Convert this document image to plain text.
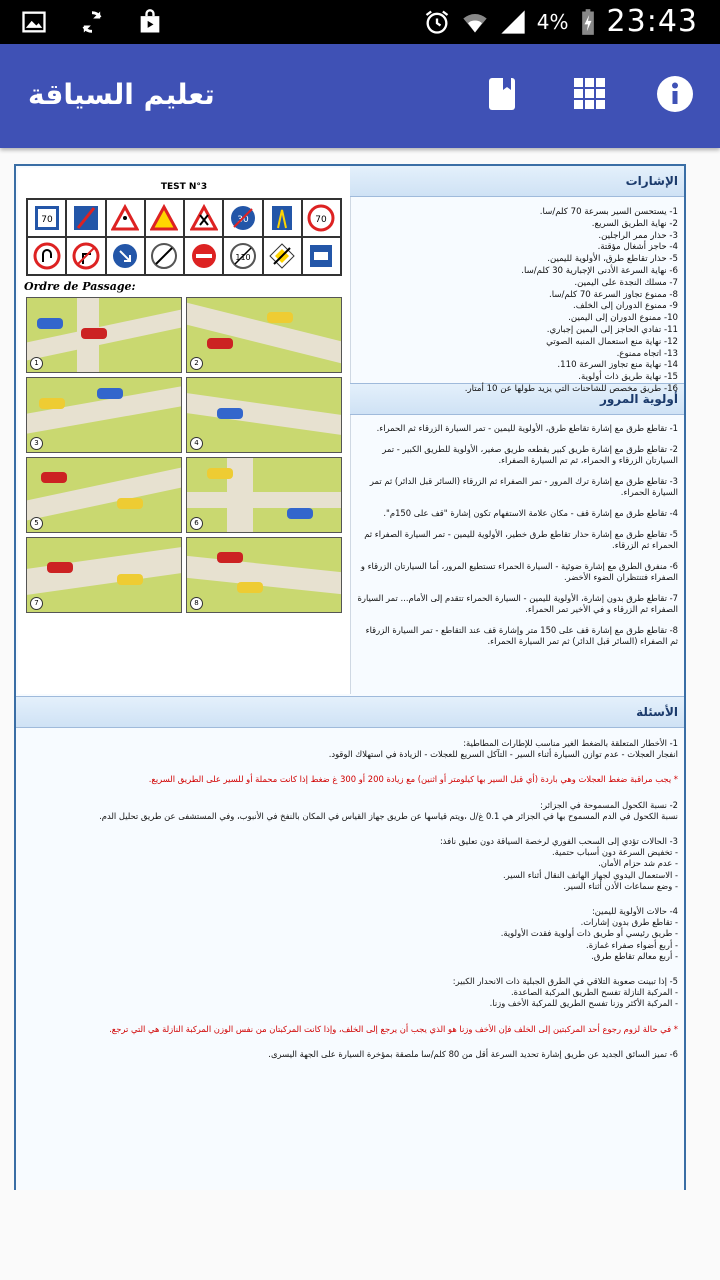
4% 23:43
تعليم السياقة
TEST N°3
70	30	70
110
Ordre de Passage:
1	2
3	4
5	6
7	8
الإشارات
1- يستحسن السير بسرعة 70 كلم/سا.
2- نهاية الطريق السريع.
3- حذار ممر الراجلين.
4- حاجز أشغال مؤقتة.
5- حذار تقاطع طرق، الأولوية لليمين.
6- نهاية السرعة الأدنى الإجبارية 30 كلم/سا.
7- مسلك النجدة على اليمين.
8- ممنوع تجاوز السرعة 70 كلم/سا.
9- ممنوع الدوران إلى الخلف.
10- ممنوع الدوران إلى اليمين.
11- تفادي الحاجز إلى اليمين إجباري.
12- نهاية منع استعمال المنبه الصوتي
13- اتجاه ممنوع.
14- نهاية منع تجاوز السرعة 110.
15- نهاية طريق ذات أولوية.
16- طريق مخصص للشاحنات التي يزيد طولها عن 10 أمتار.
أولوية المرور

1- تقاطع طرق مع إشارة تقاطع طرق، الأولوية لليمين - تمر السيارة الزرقاء ثم الحمراء.

2- تقاطع طرق مع إشارة طريق كبير يقطعه طريق صغير، الأولوية للطريق الكبير - تمر السيارتان الزرقاء و الحمراء، ثم تم السيارة الصفراء.

3- تقاطع طرق مع إشارة ترك المرور - تمر الصفراء ثم الزرقاء (السائر قبل الدائر) ثم تمر السيارة الحمراء.

4- تقاطع طرق مع إشارة قف - مكان علامة الاستفهام تكون إشارة "قف على 150م".

5- تقاطع طرق مع إشارة حذار تقاطع طرق خطير، الأولوية لليمين - تمر السيارة الصفراء ثم الحمراء ثم الزرقاء.

6- منفرق الطرق مع إشارة ضوئية - السيارة الحمراء تستطيع المرور، أما السيارتان الزرقاء و الصفراء فتنتظران الضوء الأخضر.

7- تقاطع طرق بدون إشارة، الأولوية لليمين - السيارة الحمراء تتقدم إلى الأمام... تمر السيارة الصفراء ثم الزرقاء و في الأخير تمر الحمراء.

8- تقاطع طرق مع إشارة قف على 150 متر وإشارة قف عند التقاطع - تمر السيارة الزرقاء ثم الصفراء (السائر قبل الدائر) ثم تمر السيارة الحمراء.

الأسئلة

1- الأخطار المتعلقة بالضغط الغير مناسب للإطارات المطاطية:
انفجار العجلات - عدم توازن السيارة أثناء السير - التآكل السريع للعجلات - الزيادة في استهلاك الوقود.

* يجب مراقبة ضغط العجلات وهي باردة (أي قبل السير بها كيلومتر أو اثنين) مع زيادة 200 أو 300 غ ضغط إذا كانت محملة أو للسير على الطريق السريع.

2- نسبة الكحول المسموحة في الجزائر:
نسبة الكحول في الدم المسموح بها في الجزائر هي 0.1 غ/ل ،ويتم قياسها عن طريق جهاز القياس في المكان بالنفخ في الأنبوب، وفي المستشفى عن طريق تحليل الدم.

3- الحالات تؤدي إلى السحب الفوري لرخصة السياقة دون تعليق نافذ:
- تخفيض السرعة دون أسباب حتمية.
- عدم شد حزام الأمان.
- الاستعمال اليدوي لجهاز الهاتف النقال أثناء السير.
- وضع سماعات الأذن أثناء السير.

4- حالات الأولوية لليمين:
- تقاطع طرق بدون إشارات.
- طريق رئيسي أو طريق ذات أولوية فقدت الأولوية.
- أربع أضواء صفراء غمازة.
- أربع معالم تقاطع طرق.

5- إذا تبينت صعوبة التلاقي في الطرق الجبلية ذات الانحدار الكبير:
- المركبة النازلة تفسح الطريق المركبة الصاعدة.
- المركبة الأكثر وزنا تفسح الطريق للمركبة الأخف وزنا.

* في حالة لزوم رجوع أحد المركبتين إلى الخلف فإن الأخف وزنا هو الذي يجب أن يرجع إلى الخلف، وإذا كانت المركبتان من نفس الوزن المركبة النازلة هي التي ترجع.

6- تميز السائق الجديد عن طريق إشارة تحديد السرعة أقل من 80 كلم/سا ملصقة بمؤخرة السيارة على الجهة اليسرى.
